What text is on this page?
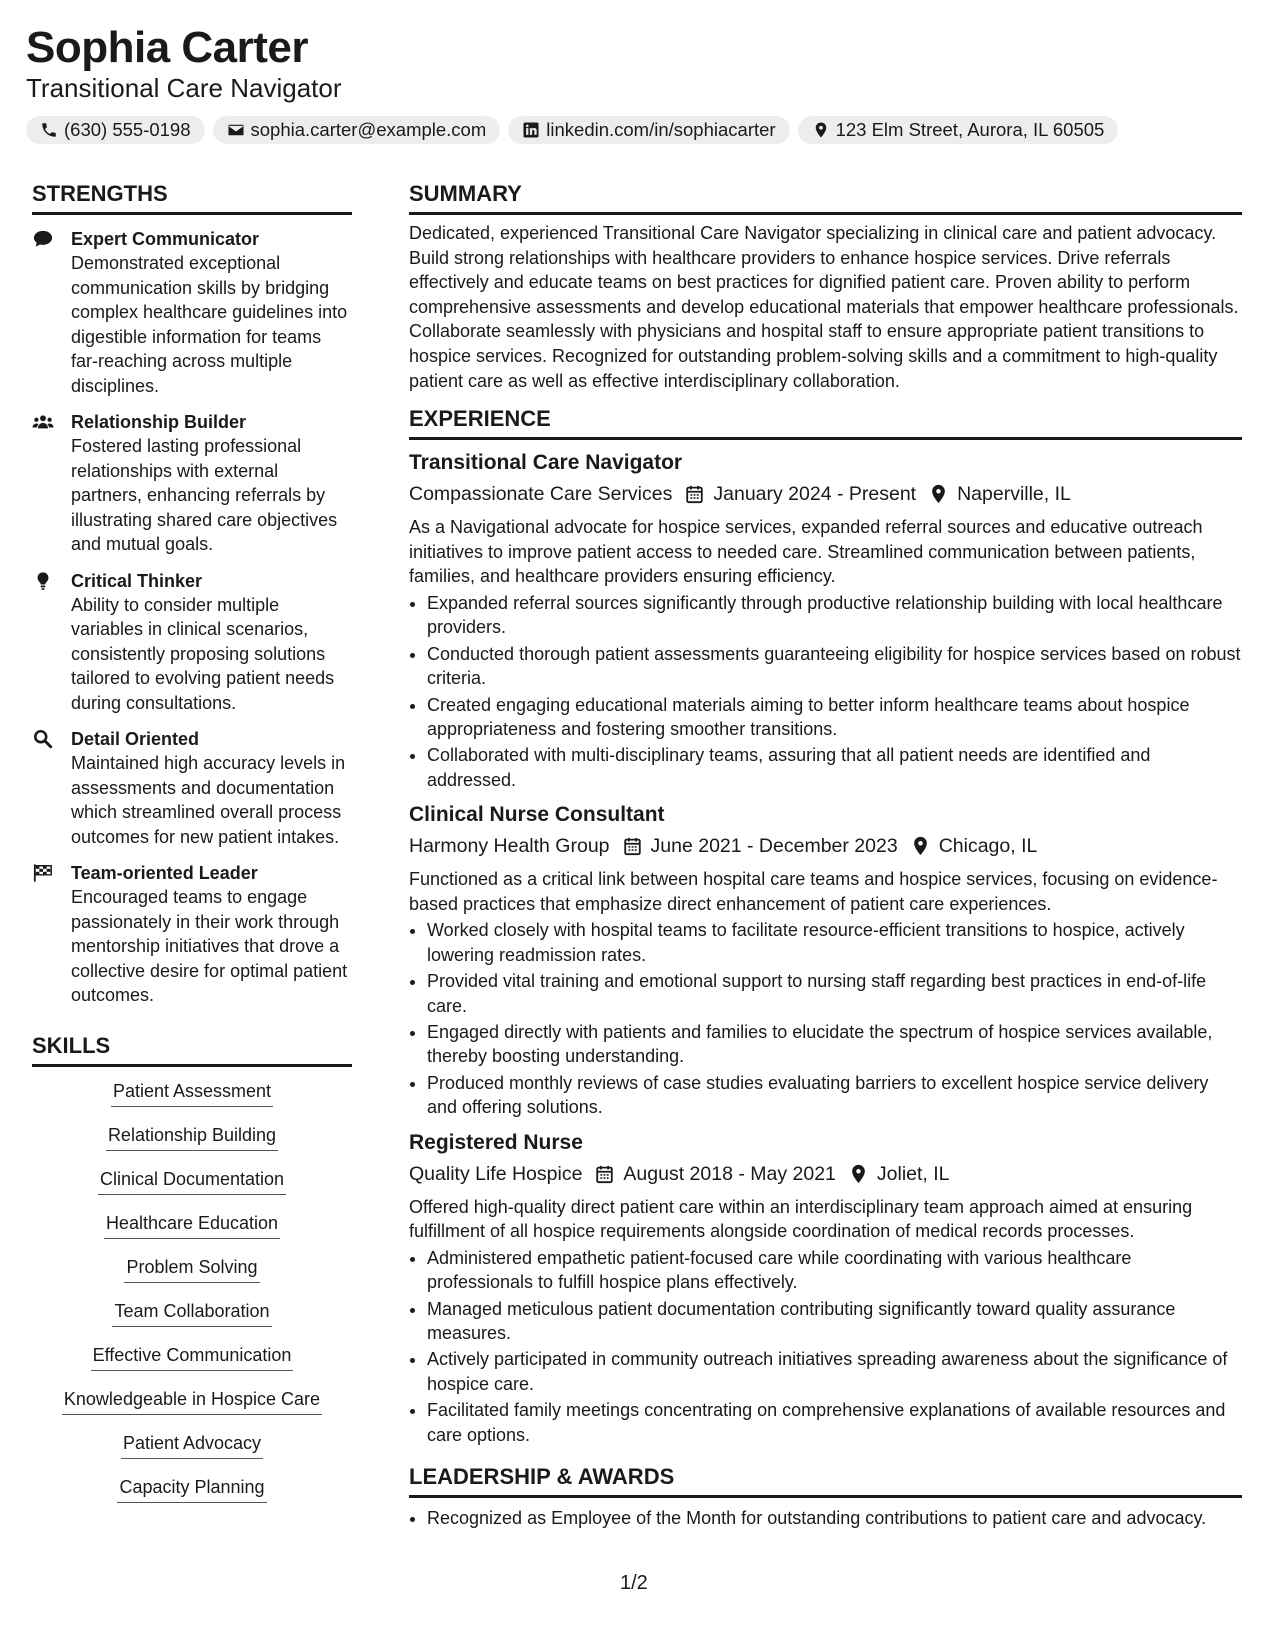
Sophia Carter
Transitional Care Navigator
(630) 555-0198	sophia.carter@example.com	linkedin.com/in/sophiacarter	123 Elm Street, Aurora, IL 60505
STRENGTHS
Expert Communicator
Demonstrated exceptional communication skills by bridging complex healthcare guidelines into digestible information for teams far-reaching across multiple disciplines.
Relationship Builder
Fostered lasting professional relationships with external partners, enhancing referrals by illustrating shared care objectives and mutual goals.
Critical Thinker
Ability to consider multiple variables in clinical scenarios, consistently proposing solutions tailored to evolving patient needs during consultations.
Detail Oriented
Maintained high accuracy levels in assessments and documentation which streamlined overall process outcomes for new patient intakes.
Team-oriented Leader
Encouraged teams to engage passionately in their work through mentorship initiatives that drove a collective desire for optimal patient outcomes.
SKILLS
Patient Assessment
Relationship Building
Clinical Documentation
Healthcare Education
Problem Solving
Team Collaboration
Effective Communication
Knowledgeable in Hospice Care
Patient Advocacy
Capacity Planning
SUMMARY
Dedicated, experienced Transitional Care Navigator specializing in clinical care and patient advocacy. Build strong relationships with healthcare providers to enhance hospice services. Drive referrals effectively and educate teams on best practices for dignified patient care. Proven ability to perform comprehensive assessments and develop educational materials that empower healthcare professionals. Collaborate seamlessly with physicians and hospital staff to ensure appropriate patient transitions to hospice services. Recognized for outstanding problem-solving skills and a commitment to high-quality patient care as well as effective interdisciplinary collaboration.
EXPERIENCE
Transitional Care Navigator
Compassionate Care Services January 2024 - Present Naperville, IL
As a Navigational advocate for hospice services, expanded referral sources and educative outreach initiatives to improve patient access to needed care. Streamlined communication between patients, families, and healthcare providers ensuring efficiency.
• Expanded referral sources significantly through productive relationship building with local healthcare providers.
• Conducted thorough patient assessments guaranteeing eligibility for hospice services based on robust criteria.
• Created engaging educational materials aiming to better inform healthcare teams about hospice appropriateness and fostering smoother transitions.
• Collaborated with multi-disciplinary teams, assuring that all patient needs are identified and addressed.
Clinical Nurse Consultant
Harmony Health Group June 2021 - December 2023 Chicago, IL
Functioned as a critical link between hospital care teams and hospice services, focusing on evidence-based practices that emphasize direct enhancement of patient care experiences.
• Worked closely with hospital teams to facilitate resource-efficient transitions to hospice, actively lowering readmission rates.
• Provided vital training and emotional support to nursing staff regarding best practices in end-of-life care.
• Engaged directly with patients and families to elucidate the spectrum of hospice services available, thereby boosting understanding.
• Produced monthly reviews of case studies evaluating barriers to excellent hospice service delivery and offering solutions.
Registered Nurse
Quality Life Hospice August 2018 - May 2021 Joliet, IL
Offered high-quality direct patient care within an interdisciplinary team approach aimed at ensuring fulfillment of all hospice requirements alongside coordination of medical records processes.
• Administered empathetic patient-focused care while coordinating with various healthcare professionals to fulfill hospice plans effectively.
• Managed meticulous patient documentation contributing significantly toward quality assurance measures.
• Actively participated in community outreach initiatives spreading awareness about the significance of hospice care.
• Facilitated family meetings concentrating on comprehensive explanations of available resources and care options.
LEADERSHIP & AWARDS
• Recognized as Employee of the Month for outstanding contributions to patient care and advocacy.
1/2
